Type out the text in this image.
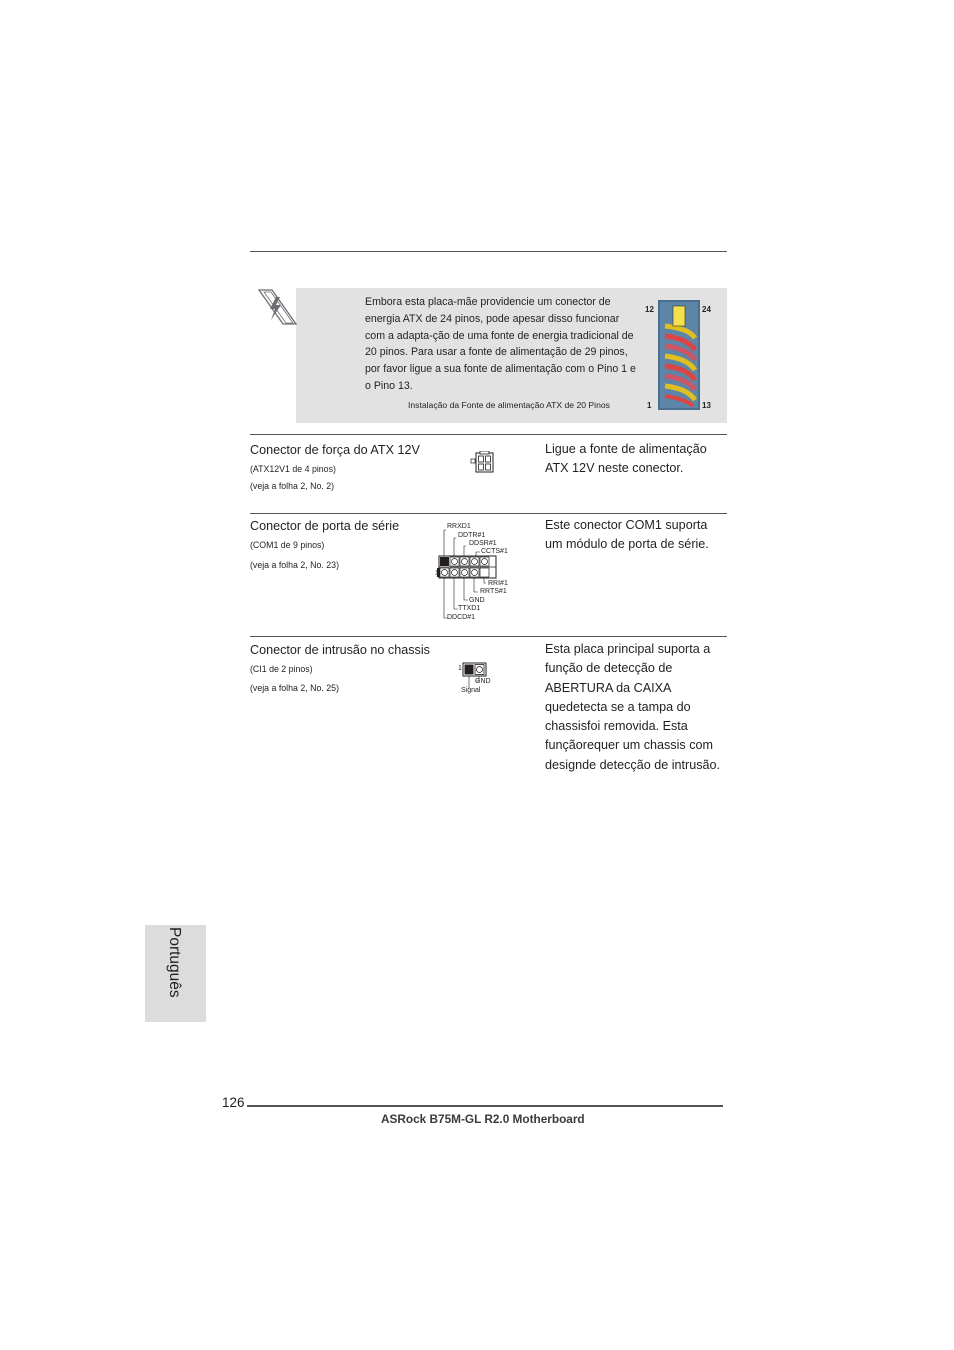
Embora esta placa-mãe providencie um conector de energia ATX de 24 pinos, pode apesar disso funcionar com a adapta-ção de uma fonte de energia tradicional de 20 pinos. Para usar a fonte de alimentação de 29 pinos, por favor ligue a sua fonte de alimentação com o Pino 1 e o Pino 13.
Instalação da Fonte de alimentação ATX de 20 Pinos
12	24
1	13
Conector de força do ATX 12V
(ATX12V1 de 4 pinos)
(veja a folha 2, No. 2)
Ligue a fonte de alimentação ATX 12V neste conector.
Conector de porta de série
(COM1 de 9 pinos)
(veja a folha 2, No. 23)
RRXD1
DDTR#1
DDSR#1
CCTS#1
1
RRI#1
RRTS#1
GND
TTXD1
DDCD#1
Este conector COM1 suporta um módulo de porta de série.
Conector de intrusão no chassis
(CI1 de 2 pinos)
(veja a folha 2, No. 25)
1
GND
Signal
Esta placa principal suporta a função de detecção de ABERTURA da CAIXA quedetecta se a tampa do chassisfoi removida. Esta funçãorequer um chassis com designde detecção de intrusão.
Português
126
ASRock B75M-GL R2.0 Motherboard
